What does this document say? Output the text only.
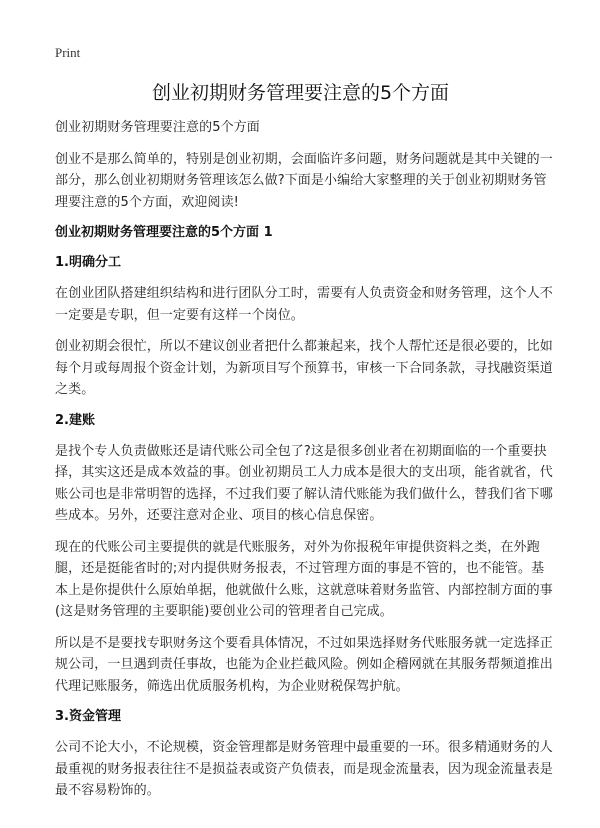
Print
创业初期财务管理要注意的5个方面

创业初期财务管理要注意的5个方面

创业不是那么简单的，特别是创业初期，会面临许多问题，财务问题就是其中关键的一部分，那么创业初期财务管理该怎么做?下面是小编给大家整理的关于创业初期财务管理要注意的5个方面，欢迎阅读!

创业初期财务管理要注意的5个方面 1
1.明确分工

在创业团队搭建组织结构和进行团队分工时，需要有人负责资金和财务管理，这个人不一定要是专职，但一定要有这样一个岗位。

创业初期会很忙，所以不建议创业者把什么都兼起来，找个人帮忙还是很必要的，比如每个月或每周报个资金计划，为新项目写个预算书，审核一下合同条款，寻找融资渠道之类。

2.建账

是找个专人负责做账还是请代账公司全包了?这是很多创业者在初期面临的一个重要抉择，其实这还是成本效益的事。创业初期员工人力成本是很大的支出项，能省就省，代账公司也是非常明智的选择，不过我们要了解认清代账能为我们做什么，替我们省下哪些成本。另外，还要注意对企业、项目的核心信息保密。

现在的代账公司主要提供的就是代账服务，对外为你报税年审提供资料之类，在外跑腿，还是挺能省时的;对内提供财务报表，不过管理方面的事是不管的，也不能管。基本上是你提供什么原始单据，他就做什么账，这就意味着财务监管、内部控制方面的事(这是财务管理的主要职能)要创业公司的管理者自己完成。

所以是不是要找专职财务这个要看具体情况，不过如果选择财务代账服务就一定选择正规公司，一旦遇到责任事故，也能为企业拦截风险。例如企稽网就在其服务帮频道推出代理记账服务，筛选出优质服务机构，为企业财税保驾护航。

3.资金管理

公司不论大小，不论规模，资金管理都是财务管理中最重要的一环。很多精通财务的人最重视的财务报表往往不是损益表或资产负债表，而是现金流量表，因为现金流量表是最不容易粉饰的。
